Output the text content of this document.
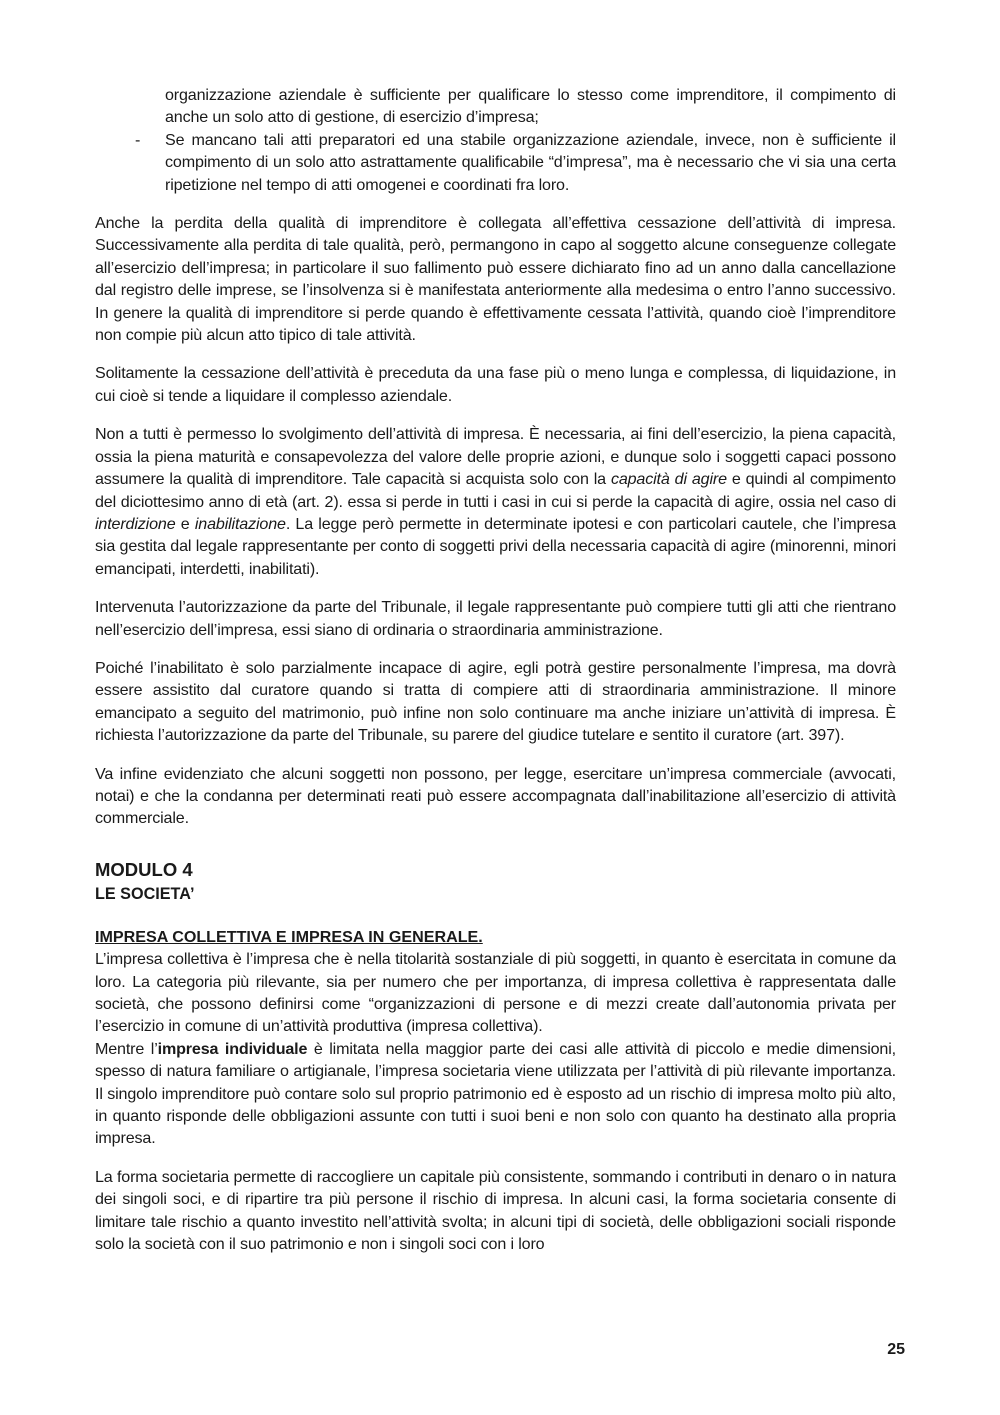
organizzazione aziendale è sufficiente per qualificare lo stesso come imprenditore, il compimento di anche un solo atto di gestione, di esercizio d’impresa;

- Se mancano tali atti preparatori ed una stabile organizzazione aziendale, invece, non è sufficiente il compimento di un solo atto astrattamente qualificabile “d’impresa”, ma è necessario che vi sia una certa ripetizione nel tempo di atti omogenei e coordinati fra loro.

Anche la perdita della qualità di imprenditore è collegata all’effettiva cessazione dell’attività di impresa. Successivamente alla perdita di tale qualità, però, permangono in capo al soggetto alcune conseguenze collegate all’esercizio dell’impresa; in particolare il suo fallimento può essere dichiarato fino ad un anno dalla cancellazione dal registro delle imprese, se l’insolvenza si è manifestata anteriormente alla medesima o entro l’anno successivo. In genere la qualità di imprenditore si perde quando è effettivamente cessata l’attività, quando cioè l’imprenditore non compie più alcun atto tipico di tale attività.

Solitamente la cessazione dell’attività è preceduta da una fase più o meno lunga e complessa, di liquidazione, in cui cioè si tende a liquidare il complesso aziendale.

Non a tutti è permesso lo svolgimento dell’attività di impresa. È necessaria, ai fini dell’esercizio, la piena capacità, ossia la piena maturità e consapevolezza del valore delle proprie azioni, e dunque solo i soggetti capaci possono assumere la qualità di imprenditore. Tale capacità si acquista solo con la capacità di agire e quindi al compimento del diciottesimo anno di età (art. 2). essa si perde in tutti i casi in cui si perde la capacità di agire, ossia nel caso di interdizione e inabilitazione. La legge però permette in determinate ipotesi e con particolari cautele, che l’impresa sia gestita dal legale rappresentante per conto di soggetti privi della necessaria capacità di agire (minorenni, minori emancipati, interdetti, inabilitati).

Intervenuta l’autorizzazione da parte del Tribunale, il legale rappresentante può compiere tutti gli atti che rientrano nell’esercizio dell’impresa, essi siano di ordinaria o straordinaria amministrazione.

Poiché l’inabilitato è solo parzialmente incapace di agire, egli potrà gestire personalmente l’impresa, ma dovrà essere assistito dal curatore quando si tratta di compiere atti di straordinaria amministrazione. Il minore emancipato a seguito del matrimonio, può infine non solo continuare ma anche iniziare un’attività di impresa. È richiesta l’autorizzazione da parte del Tribunale, su parere del giudice tutelare e sentito il curatore (art. 397).

Va infine evidenziato che alcuni soggetti non possono, per legge, esercitare un’impresa commerciale (avvocati, notai) e che la condanna per determinati reati può essere accompagnata dall’inabilitazione all’esercizio di attività commerciale.

MODULO 4
LE SOCIETA’
IMPRESA COLLETTIVA E IMPRESA IN GENERALE.

L’impresa collettiva è l’impresa che è nella titolarità sostanziale di più soggetti, in quanto è esercitata in comune da loro. La categoria più rilevante, sia per numero che per importanza, di impresa collettiva è rappresentata dalle società, che possono definirsi come “organizzazioni di persone e di mezzi create dall’autonomia privata per l’esercizio in comune di un’attività produttiva (impresa collettiva).

Mentre l’impresa individuale è limitata nella maggior parte dei casi alle attività di piccolo e medie dimensioni, spesso di natura familiare o artigianale, l’impresa societaria viene utilizzata per l’attività di più rilevante importanza. Il singolo imprenditore può contare solo sul proprio patrimonio ed è esposto ad un rischio di impresa molto più alto, in quanto risponde delle obbligazioni assunte con tutti i suoi beni e non solo con quanto ha destinato alla propria impresa.

La forma societaria permette di raccogliere un capitale più consistente, sommando i contributi in denaro o in natura dei singoli soci, e di ripartire tra più persone il rischio di impresa. In alcuni casi, la forma societaria consente di limitare tale rischio a quanto investito nell’attività svolta; in alcuni tipi di società, delle obbligazioni sociali risponde solo la società con il suo patrimonio e non i singoli soci con i loro

25
